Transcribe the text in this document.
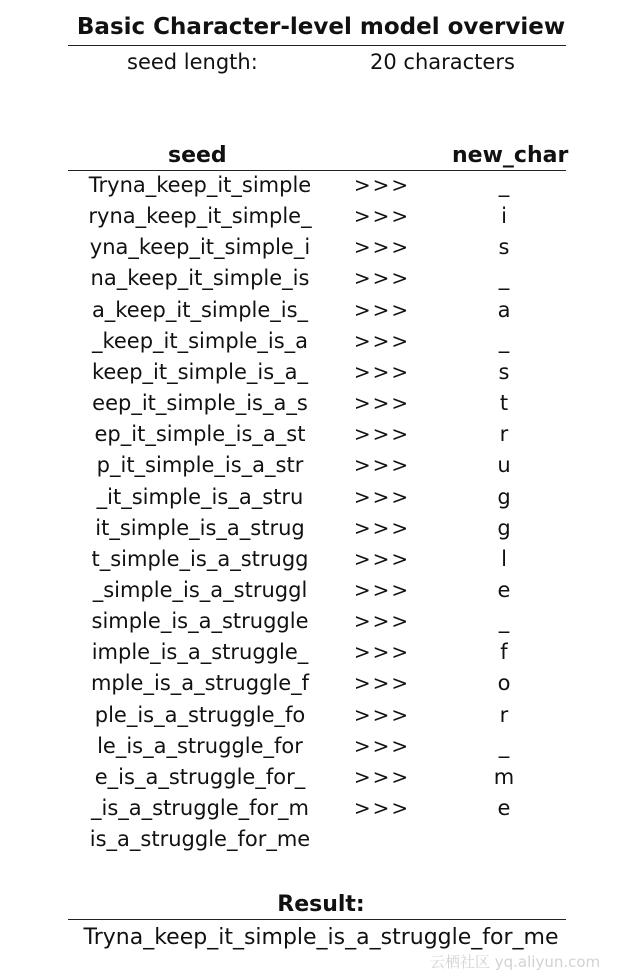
Basic Character-level model overview
seed length:	20 characters
seed	new_char
Tryna_keep_it_simple	>>>	_
ryna_keep_it_simple_	>>>	i
yna_keep_it_simple_i	>>>	s
na_keep_it_simple_is	>>>	_
a_keep_it_simple_is_	>>>	a
_keep_it_simple_is_a	>>>	_
keep_it_simple_is_a_	>>>	s
eep_it_simple_is_a_s	>>>	t
ep_it_simple_is_a_st	>>>	r
p_it_simple_is_a_str	>>>	u
_it_simple_is_a_stru	>>>	g
it_simple_is_a_strug	>>>	g
t_simple_is_a_strugg	>>>	l
_simple_is_a_struggl	>>>	e
simple_is_a_struggle	>>>	_
imple_is_a_struggle_	>>>	f
mple_is_a_struggle_f	>>>	o
ple_is_a_struggle_fo	>>>	r
le_is_a_struggle_for	>>>	_
e_is_a_struggle_for_	>>>	m
_is_a_struggle_for_m	>>>	e
is_a_struggle_for_me
Result:
Tryna_keep_it_simple_is_a_struggle_for_me
云栖社区 yq.aliyun.com
